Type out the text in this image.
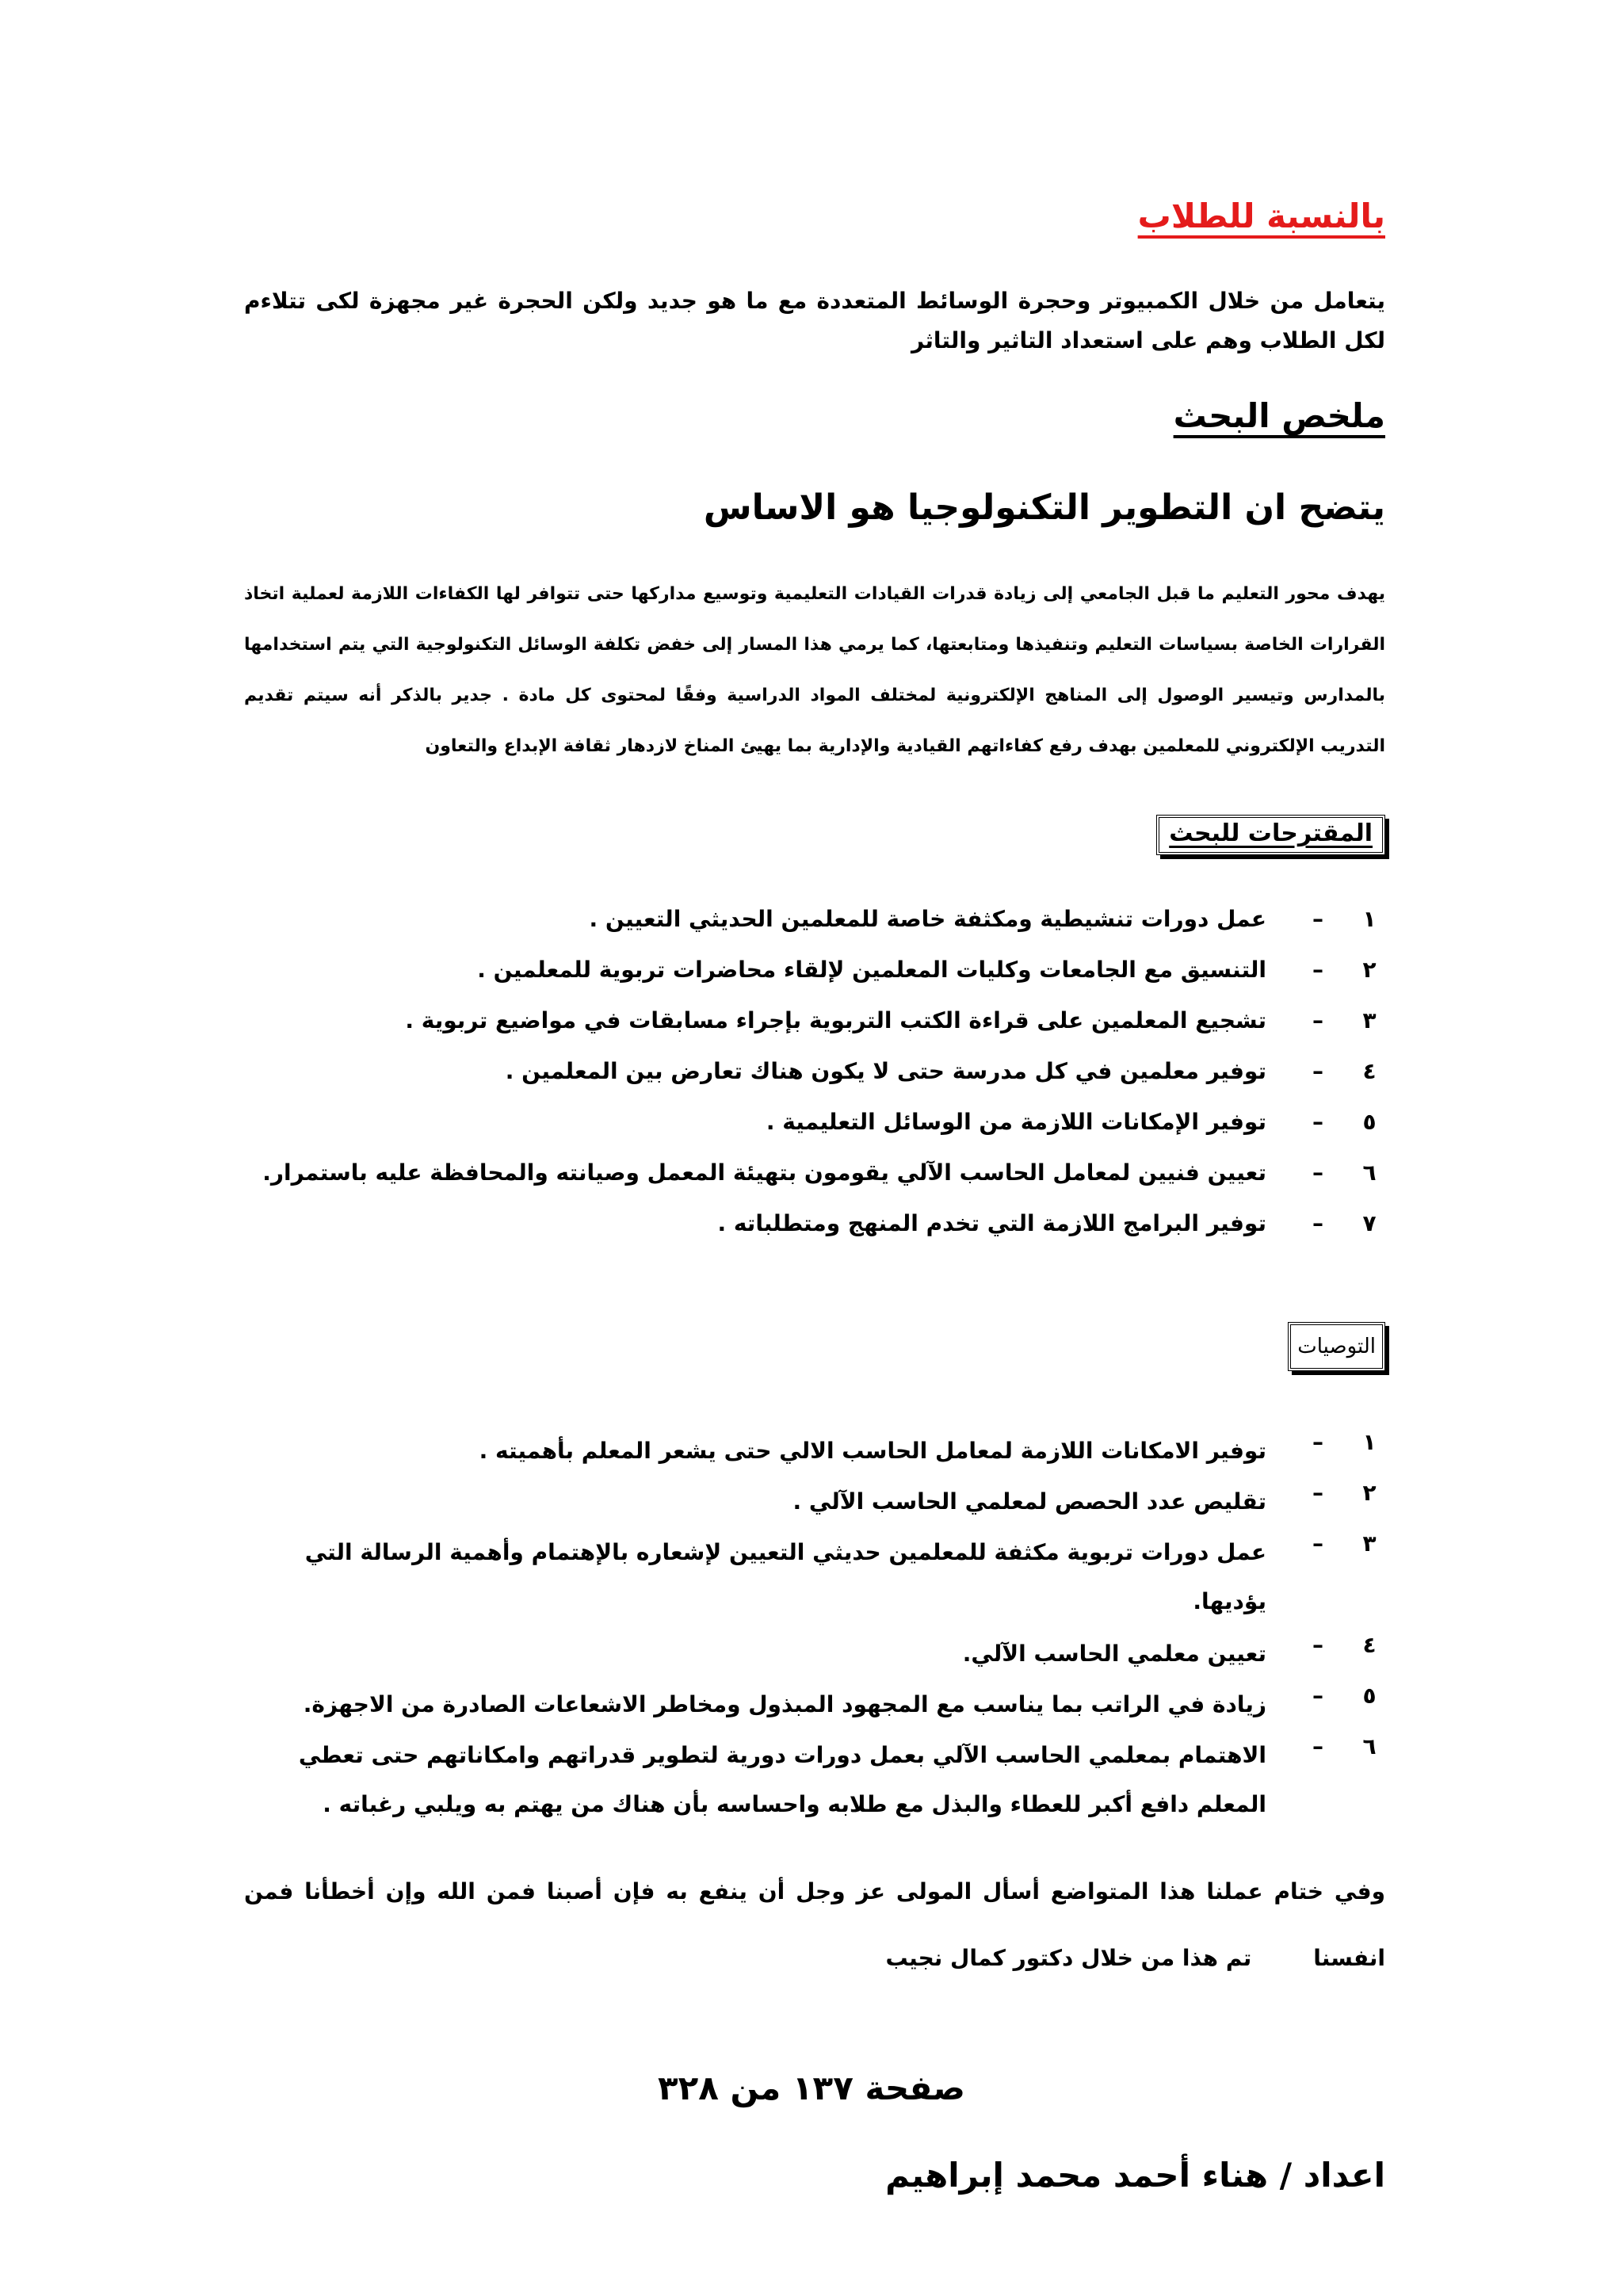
بالنسبة للطلاب
يتعامل من خلال الكمبيوتر وحجرة الوسائط المتعددة مع ما هو جديد ولكن الحجرة غير مجهزة لكى تتلاءم لكل الطلاب وهم على استعداد التاثير والتاثر
ملخص البحث
يتضح ان التطوير التكنولوجيا هو الاساس
يهدف محور التعليم ما قبل الجامعي إلى زيادة قدرات القيادات التعليمية وتوسيع مداركها حتى تتوافر لها الكفاءات اللازمة لعملية اتخاذ القرارات الخاصة بسياسات التعليم وتنفيذها ومتابعتها، كما يرمي هذا المسار إلى خفض تكلفة الوسائل التكنولوجية التي يتم استخدامها بالمدارس وتيسير الوصول إلى المناهج الإلكترونية لمختلف المواد الدراسية وفقًا لمحتوى كل مادة . جدير بالذكر أنه سيتم تقديم التدريب الإلكتروني للمعلمين بهدف رفع كفاءاتهم القيادية والإدارية بما يهيئ المناخ لازدهار ثقافة الإبداع والتعاون
المقترحات للبحث
١
–
عمل دورات تنشيطية ومكثفة خاصة للمعلمين الحديثي التعيين .
٢
–
التنسيق مع الجامعات وكليات المعلمين لإلقاء محاضرات تربوية للمعلمين .
٣
–
تشجيع المعلمين على قراءة الكتب التربوية بإجراء مسابقات في مواضيع تربوية .
٤
–
توفير معلمين في كل مدرسة حتى لا يكون هناك تعارض بين المعلمين .
٥
–
توفير الإمكانات اللازمة من الوسائل التعليمية .
٦
–
تعيين فنيين لمعامل الحاسب الآلي يقومون بتهيئة المعمل وصيانته والمحافظة عليه باستمرار.
٧
–
توفير البرامج اللازمة التي تخدم المنهج ومتطلباته .
التوصيات
١
–
توفير الامكانات اللازمة لمعامل الحاسب الالي حتى يشعر المعلم بأهميته .
٢
–
تقليص عدد الحصص لمعلمي الحاسب الآلي .
٣
–
عمل دورات تربوية مكثفة للمعلمين حديثي التعيين لإشعاره بالإهتمام وأهمية الرسالة التي يؤديها.
٤
–
تعيين معلمي الحاسب الآلي.
٥
–
زيادة في الراتب بما يناسب مع المجهود المبذول ومخاطر الاشعاعات الصادرة من الاجهزة.
٦
–
الاهتمام بمعلمي الحاسب الآلي بعمل دورات دورية لتطوير قدراتهم وامكاناتهم حتى تعطي المعلم دافع أكبر للعطاء والبذل مع طلابه واحساسه بأن هناك من يهتم به ويلبي رغباته .
وفي ختام عملنا هذا المتواضع أسأل المولى عز وجل أن ينفع به فإن أصبنا فمن الله وإن أخطأنا فمن انفسنا        تم هذا من خلال دكتور كمال نجيب
صفحة ١٣٧ من ٣٢٨
اعداد / هناء أحمد محمد إبراهيم
